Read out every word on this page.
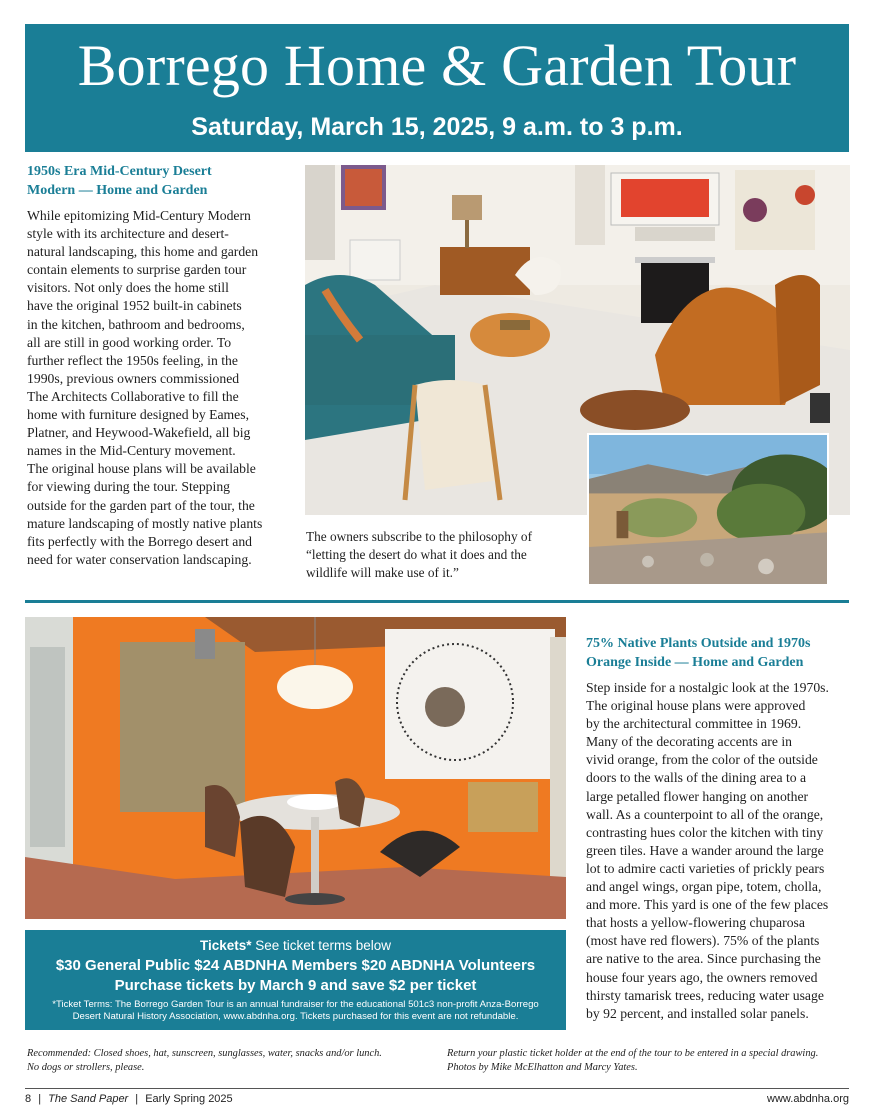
Borrego Home & Garden Tour
Saturday, March 15, 2025, 9 a.m. to 3 p.m.
1950s Era Mid-Century Desert
Modern — Home and Garden
While epitomizing Mid-Century Modern
style with its architecture and desert-
natural landscaping, this home and garden
contain elements to surprise garden tour
visitors. Not only does the home still
have the original 1952 built-in cabinets
in the kitchen, bathroom and bedrooms,
all are still in good working order. To
further reflect the 1950s feeling, in the
1990s, previous owners commissioned
The Architects Collaborative to fill the
home with furniture designed by Eames,
Platner, and Heywood-Wakefield, all big
names in the Mid-Century movement.
The original house plans will be available
for viewing during the tour. Stepping
outside for the garden part of the tour, the
mature landscaping of mostly native plants
fits perfectly with the Borrego desert and
need for water conservation landscaping.
The owners subscribe to the philosophy of
“letting the desert do what it does and the
wildlife will make use of it.”
75% Native Plants Outside and 1970s
Orange Inside — Home and Garden
Step inside for a nostalgic look at the 1970s.
The original house plans were approved
by the architectural committee in 1969.
Many of the decorating accents are in
vivid orange, from the color of the outside
doors to the walls of the dining area to a
large petalled flower hanging on another
wall. As a counterpoint to all of the orange,
contrasting hues color the kitchen with tiny
green tiles. Have a wander around the large
lot to admire cacti varieties of prickly pears
and angel wings, organ pipe, totem, cholla,
and more. This yard is one of the few places
that hosts a yellow-flowering chuparosa
(most have red flowers). 75% of the plants
are native to the area. Since purchasing the
house four years ago, the owners removed
thirsty tamarisk trees, reducing water usage
by 92 percent, and installed solar panels.
Tickets* See ticket terms below
$30 General Public $24 ABDNHA Members $20 ABDNHA Volunteers
Purchase tickets by March 9 and save $2 per ticket
*Ticket Terms: The Borrego Garden Tour is an annual fundraiser for the educational 501c3 non-profit Anza-Borrego
Desert Natural History Association, www.abdnha.org. Tickets purchased for this event are not refundable.
Recommended: Closed shoes, hat, sunscreen, sunglasses, water, snacks and/or lunch.
No dogs or strollers, please.
Return your plastic ticket holder at the end of the tour to be entered in a special drawing.
Photos by Mike McElhatton and Marcy Yates.
8 | The Sand Paper | Early Spring 2025	www.abdnha.org
